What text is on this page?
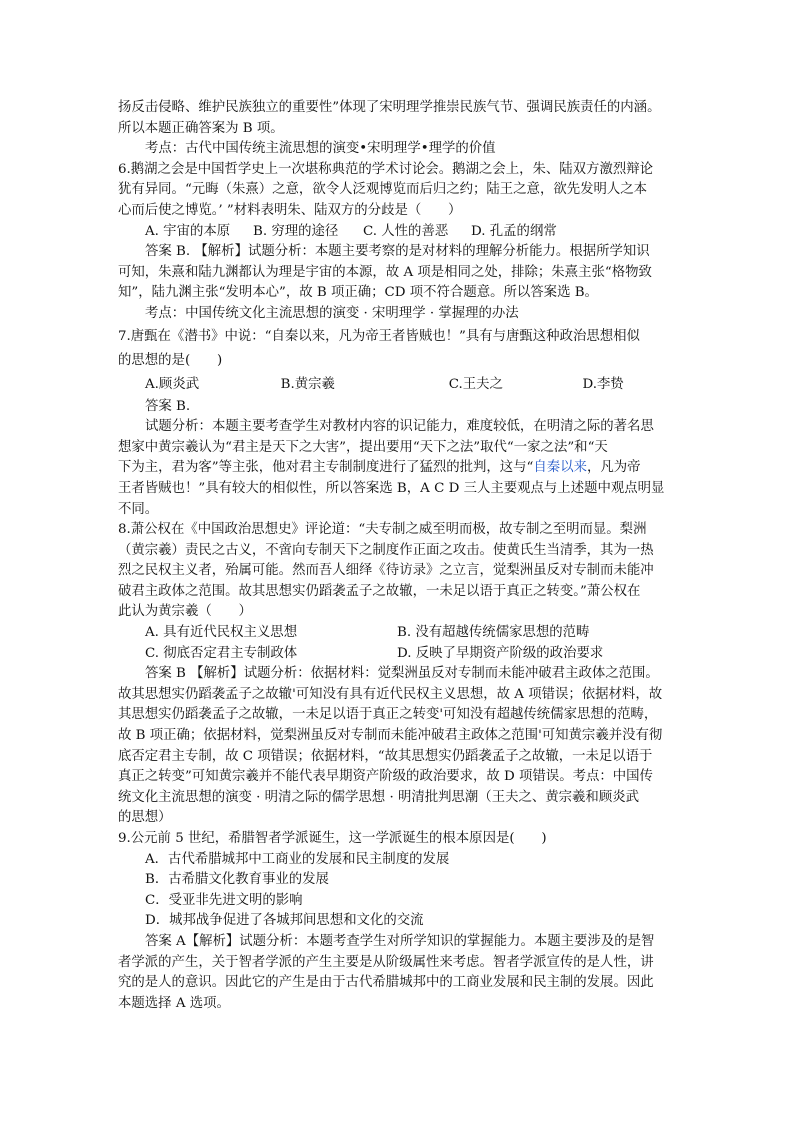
扬反击侵略、维护民族独立的重要性”体现了宋明理学推崇民族气节、强调民族责任的内涵。
所以本题正确答案为 B 项。
考点：古代中国传统主流思想的演变•宋明理学•理学的价值
6.鹅湖之会是中国哲学史上一次堪称典范的学术讨论会。鹅湖之会上，朱、陆双方激烈辩论
犹有异同。“元晦（朱熹）之意，欲令人泛观博览而后归之约；陆王之意，欲先发明人之本
心而后使之博览。’ ”材料表明朱、陆双方的分歧是（　　）
A. 宇宙的本原	B. 穷理的途径	C. 人性的善恶	D. 孔孟的纲常
答案 B. 【解析】试题分析：本题主要考察的是对材料的理解分析能力。根据所学知识
可知，朱熹和陆九渊都认为理是宇宙的本源，故 A 项是相同之处，排除；朱熹主张“格物致
知”，陆九渊主张“发明本心”，故 B 项正确；CD 项不符合题意。所以答案选 B。
考点：中国传统文化主流思想的演变 · 宋明理学 · 掌握理的办法
7.唐甄在《潜书》中说：“自秦以来，凡为帝王者皆贼也！”具有与唐甄这种政治思想相似
的思想的是(　　)
A.顾炎武	B.黄宗羲	C.王夫之	D.李贽
答案 B.
试题分析：本题主要考查学生对教材内容的识记能力，难度较低，在明清之际的著名思
想家中黄宗羲认为“君主是天下之大害”，提出要用“天下之法”取代“一家之法”和“天
下为主，君为客”等主张，他对君主专制制度进行了猛烈的批判，这与“自秦以来，凡为帝
王者皆贼也！”具有较大的相似性，所以答案选 B，A C D 三人主要观点与上述题中观点明显
不同。
8.萧公权在《中国政治思想史》评论道：“夫专制之威至明而极，故专制之至明而显。梨洲
（黄宗羲）责民之古义，不啻向专制天下之制度作正面之攻击。使黄氏生当清季，其为一热
烈之民权主义者，殆属可能。然而吾人细绎《待访录》之立言，觉梨洲虽反对专制而未能冲
破君主政体之范围。故其思想实仍蹈袭孟子之故辙，一未足以语于真正之转变。”萧公权在
此认为黄宗羲（　　）
A. 具有近代民权主义思想	B. 没有超越传统儒家思想的范畴
C. 彻底否定君主专制政体	D. 反映了早期资产阶级的政治要求
答案 B 【解析】试题分析：依据材料：觉梨洲虽反对专制而未能冲破君主政体之范围。
故其思想实仍蹈袭孟子之故辙'可知没有具有近代民权主义思想，故 A 项错误；依据材料，故
其思想实仍蹈袭孟子之故辙，一未足以语于真正之转变'可知没有超越传统儒家思想的范畴，
故 B 项正确；依据材料，觉梨洲虽反对专制而未能冲破君主政体之范围'可知黄宗羲并没有彻
底否定君主专制，故 C 项错误；依据材料，“故其思想实仍蹈袭孟子之故辙，一未足以语于
真正之转变”可知黄宗羲并不能代表早期资产阶级的政治要求，故 D 项错误。考点：中国传
统文化主流思想的演变 · 明清之际的儒学思想 · 明清批判思潮（王夫之、黄宗羲和顾炎武
的思想）
9.公元前 5 世纪，希腊智者学派诞生，这一学派诞生的根本原因是(　　)
A．古代希腊城邦中工商业的发展和民主制度的发展
B．古希腊文化教育事业的发展
C．受亚非先进文明的影响
D．城邦战争促进了各城邦间思想和文化的交流
答案 A【解析】试题分析：本题考查学生对所学知识的掌握能力。本题主要涉及的是智
者学派的产生，关于智者学派的产生主要是从阶级属性来考虑。智者学派宣传的是人性，讲
究的是人的意识。因此它的产生是由于古代希腊城邦中的工商业发展和民主制的发展。因此
本题选择 A 选项。
